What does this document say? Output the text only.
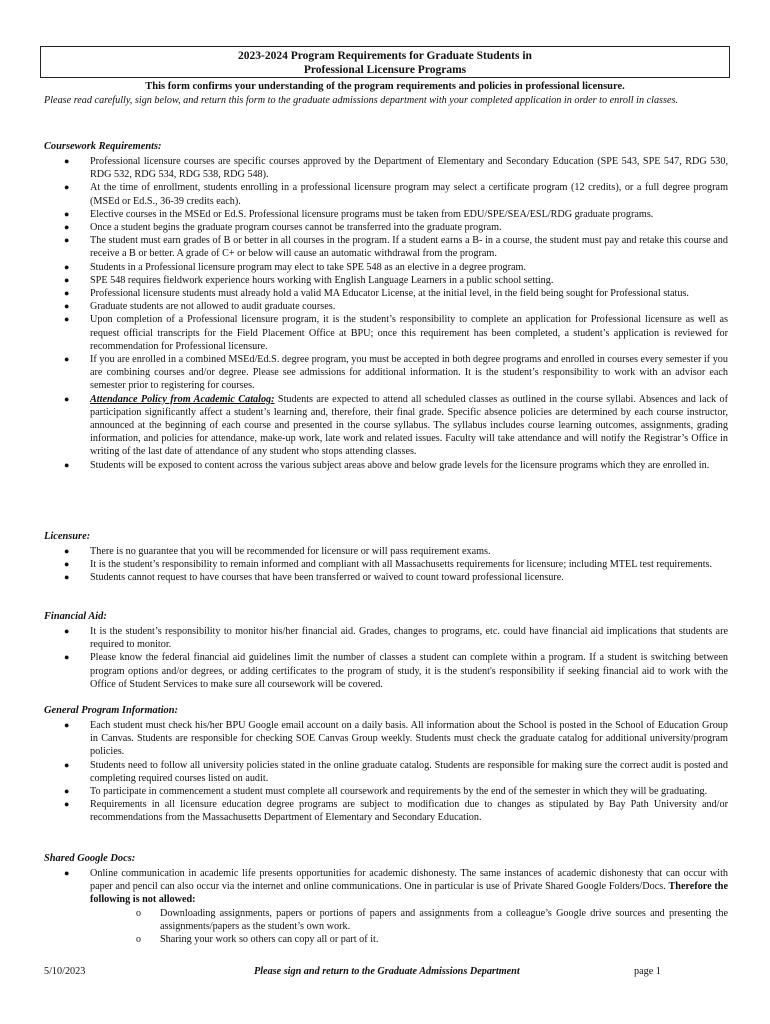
2023-2024 Program Requirements for Graduate Students in
Professional Licensure Programs
This form confirms your understanding of the program requirements and policies in professional licensure.
Please read carefully, sign below, and return this form to the graduate admissions department with your completed application in order to enroll in classes.
Coursework Requirements:
● Professional licensure courses are specific courses approved by the Department of Elementary and Secondary Education (SPE 543, SPE 547, RDG 530, RDG 532, RDG 534, RDG 538, RDG 548).
● At the time of enrollment, students enrolling in a professional licensure program may select a certificate program (12 credits), or a full degree program (MSEd or Ed.S., 36-39 credits each).
● Elective courses in the MSEd or Ed.S. Professional licensure programs must be taken from EDU/SPE/SEA/ESL/RDG graduate programs.
● Once a student begins the graduate program courses cannot be transferred into the graduate program.
● The student must earn grades of B or better in all courses in the program. If a student earns a B- in a course, the student must pay and retake this course and receive a B or better. A grade of C+ or below will cause an automatic withdrawal from the program.
● Students in a Professional licensure program may elect to take SPE 548 as an elective in a degree program.
● SPE 548 requires fieldwork experience hours working with English Language Learners in a public school setting.
● Professional licensure students must already hold a valid MA Educator License, at the initial level, in the field being sought for Professional status.
● Graduate students are not allowed to audit graduate courses.
● Upon completion of a Professional licensure program, it is the student’s responsibility to complete an application for Professional licensure as well as request official transcripts for the Field Placement Office at BPU; once this requirement has been completed, a student’s application is reviewed for recommendation for Professional licensure.
● If you are enrolled in a combined MSEd/Ed.S. degree program, you must be accepted in both degree programs and enrolled in courses every semester if you are combining courses and/or degree. Please see admissions for additional information. It is the student’s responsibility to work with an advisor each semester prior to registering for courses.
● Attendance Policy from Academic Catalog: Students are expected to attend all scheduled classes as outlined in the course syllabi. Absences and lack of participation significantly affect a student’s learning and, therefore, their final grade. Specific absence policies are determined by each course instructor, announced at the beginning of each course and presented in the course syllabus. The syllabus includes course learning outcomes, assignments, grading information, and policies for attendance, make-up work, late work and related issues. Faculty will take attendance and will notify the Registrar’s Office in writing of the last date of attendance of any student who stops attending classes.
● Students will be exposed to content across the various subject areas above and below grade levels for the licensure programs which they are enrolled in.
Licensure:
● There is no guarantee that you will be recommended for licensure or will pass requirement exams.
● It is the student’s responsibility to remain informed and compliant with all Massachusetts requirements for licensure; including MTEL test requirements.
● Students cannot request to have courses that have been transferred or waived to count toward professional licensure.
Financial Aid:
● It is the student’s responsibility to monitor his/her financial aid. Grades, changes to programs, etc. could have financial aid implications that students are required to monitor.
● Please know the federal financial aid guidelines limit the number of classes a student can complete within a program. If a student is switching between program options and/or degrees, or adding certificates to the program of study, it is the student's responsibility if seeking financial aid to work with the Office of Student Services to make sure all coursework will be covered.
General Program Information:
● Each student must check his/her BPU Google email account on a daily basis. All information about the School is posted in the School of Education Group in Canvas. Students are responsible for checking SOE Canvas Group weekly. Students must check the graduate catalog for additional university/program policies.
● Students need to follow all university policies stated in the online graduate catalog. Students are responsible for making sure the correct audit is posted and completing required courses listed on audit.
● To participate in commencement a student must complete all coursework and requirements by the end of the semester in which they will be graduating.
● Requirements in all licensure education degree programs are subject to modification due to changes as stipulated by Bay Path University and/or recommendations from the Massachusetts Department of Elementary and Secondary Education.
Shared Google Docs:
● Online communication in academic life presents opportunities for academic dishonesty. The same instances of academic dishonesty that can occur with paper and pencil can also occur via the internet and online communications. One in particular is use of Private Shared Google Folders/Docs. Therefore the following is not allowed:
o Downloading assignments, papers or portions of papers and assignments from a colleague’s Google drive sources and presenting the assignments/papers as the student’s own work.
o Sharing your work so others can copy all or part of it.
5/10/2023	Please sign and return to the Graduate Admissions Department	page 1
